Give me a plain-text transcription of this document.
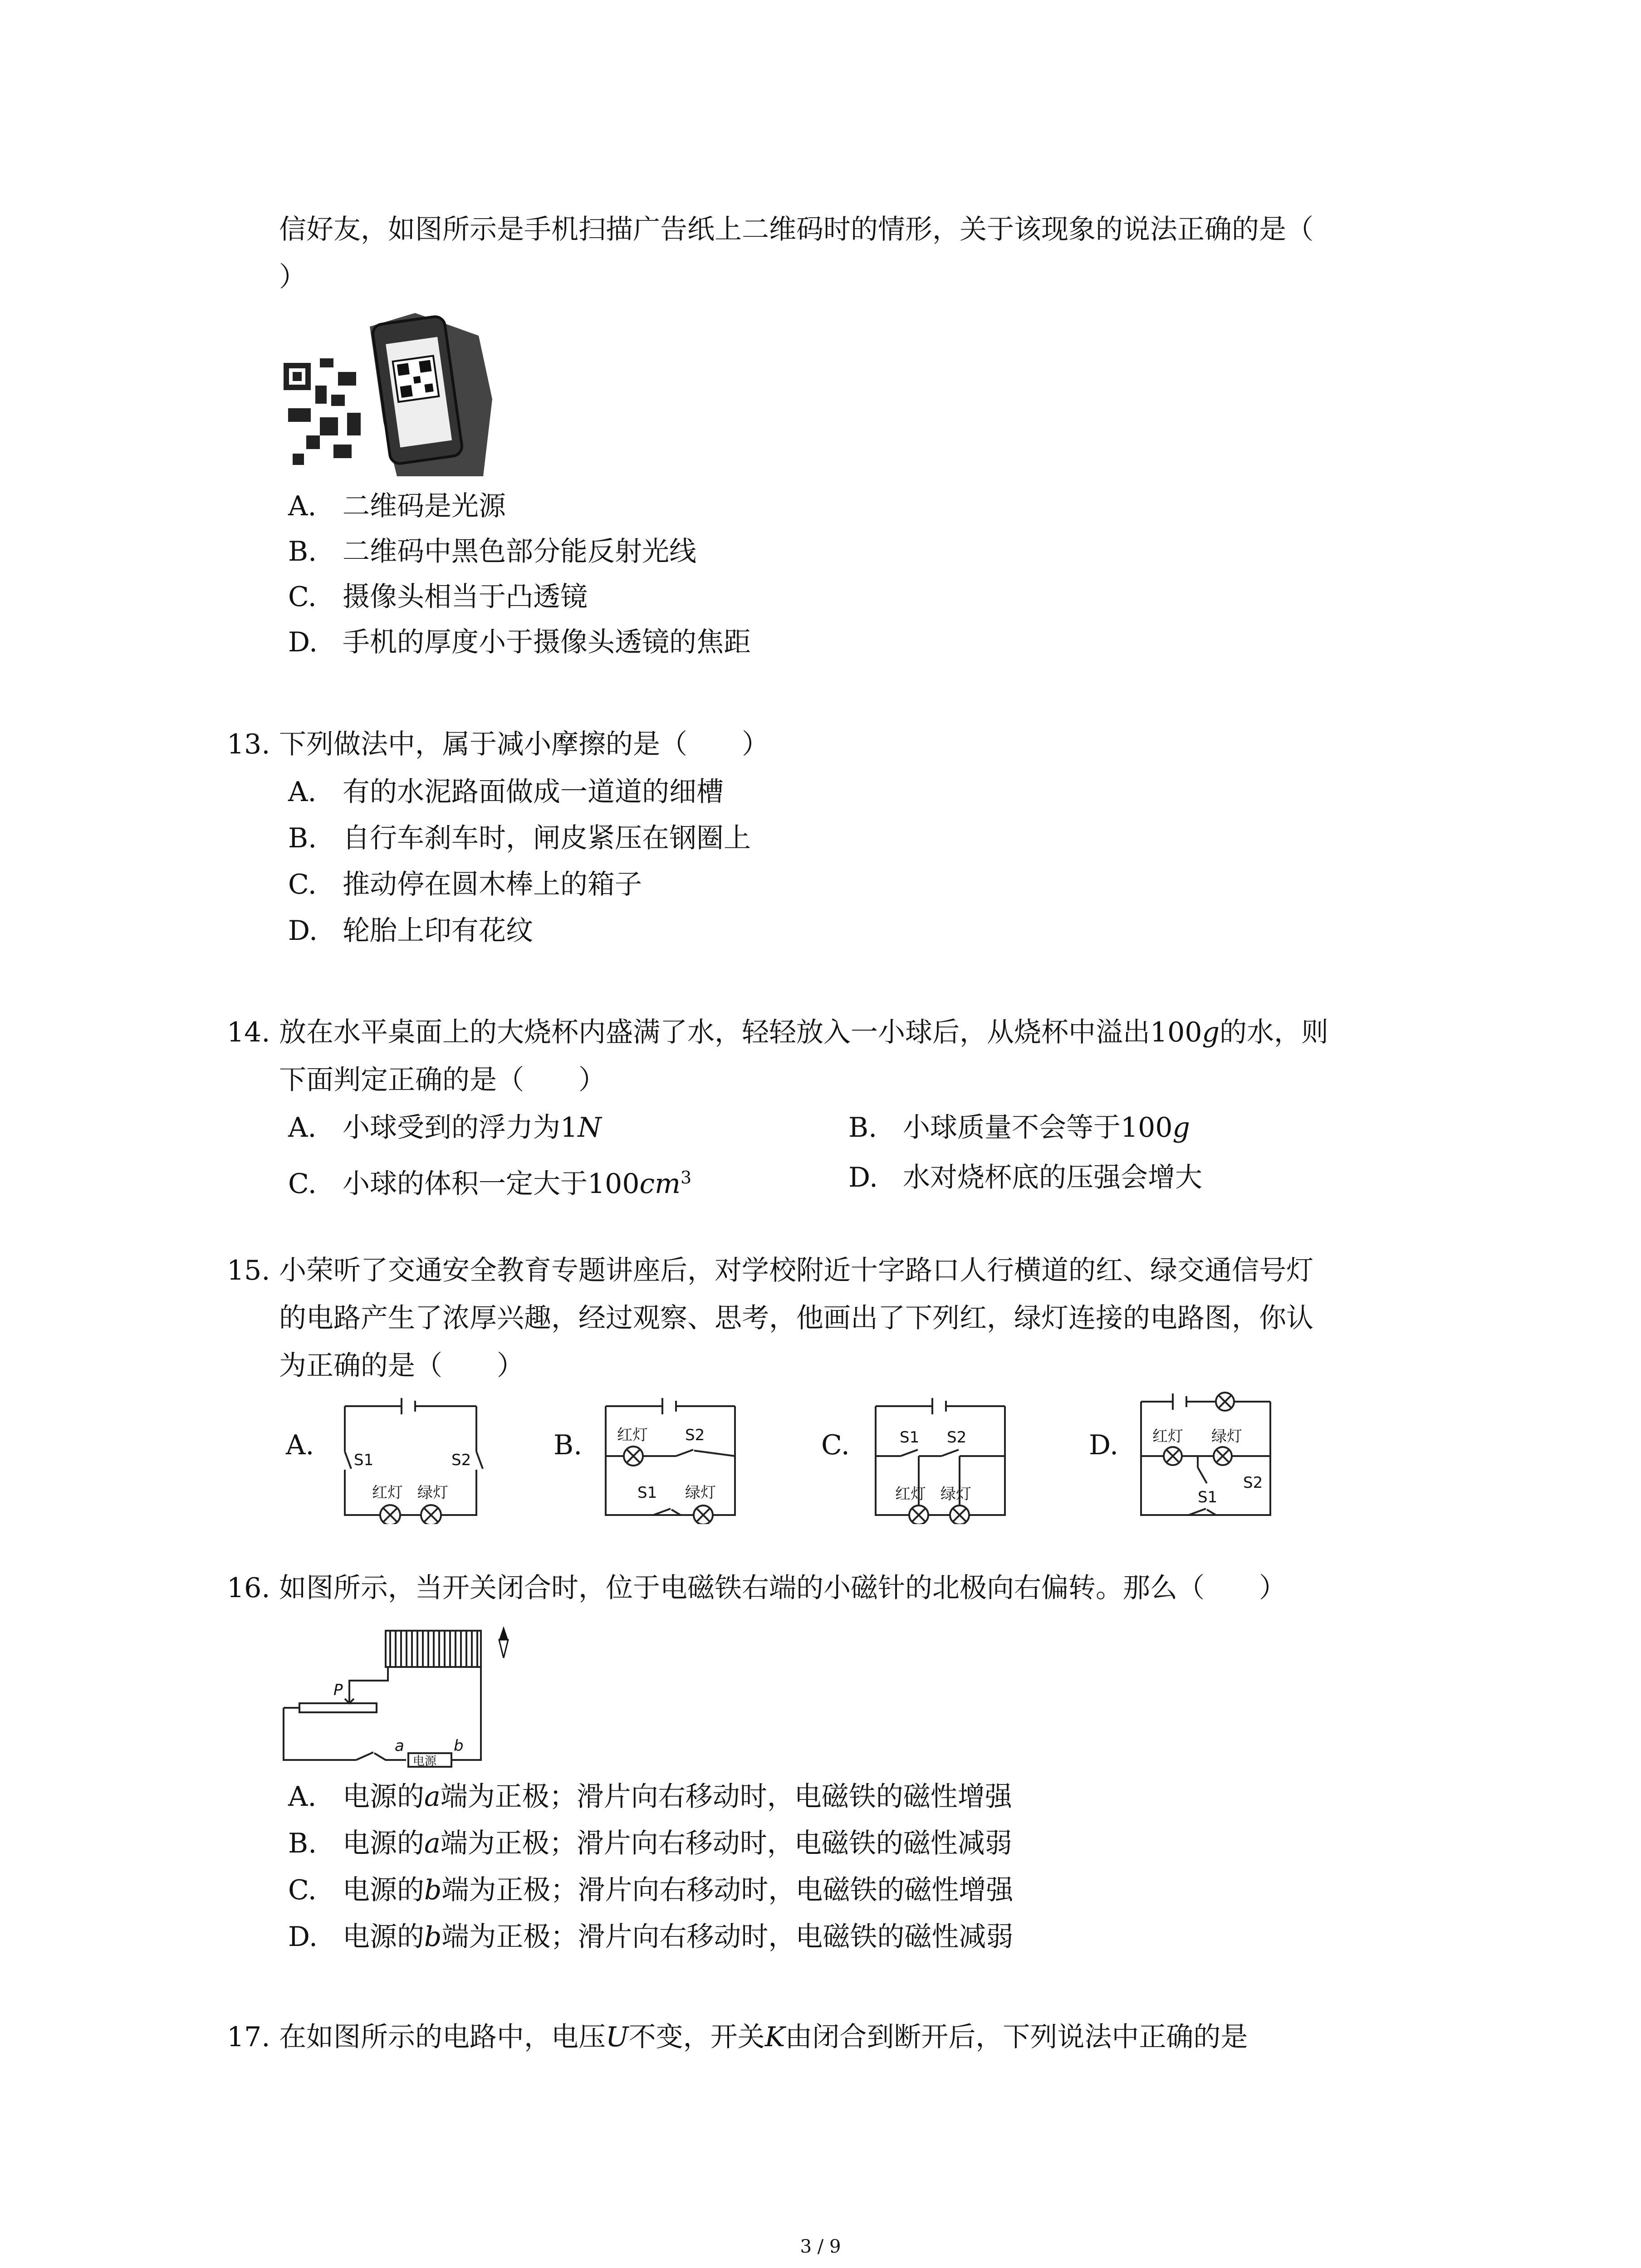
信好友，如图所示是手机扫描广告纸上二维码时的情形，关于该现象的说法正确的是（
）
A. 二维码是光源
B. 二维码中黑色部分能反射光线
C. 摄像头相当于凸透镜
D. 手机的厚度小于摄像头透镜的焦距
13. 下列做法中，属于减小摩擦的是（　　）
A. 有的水泥路面做成一道道的细槽
B. 自行车刹车时，闸皮紧压在钢圈上
C. 推动停在圆木棒上的箱子
D. 轮胎上印有花纹
14. 放在水平桌面上的大烧杯内盛满了水，轻轻放入一小球后，从烧杯中溢出100g的水，则
下面判定正确的是（　　）
A. 小球受到的浮力为1N	B. 小球质量不会等于100g
C. 小球的体积一定大于$100cm^3$	D. 水对烧杯底的压强会增大
15. 小荣听了交通安全教育专题讲座后，对学校附近十字路口人行横道的红、绿交通信号灯
的电路产生了浓厚兴趣，经过观察、思考，他画出了下列红，绿灯连接的电路图，你认
为正确的是（　　）
A.	B.	C.	D.
S1	S2
红灯 绿灯
红灯 S2
S1 绿灯
S1 S2
红灯 绿灯
红灯 绿灯
S2
S1
16. 如图所示，当开关闭合时，位于电磁铁右端的小磁针的北极向右偏转。那么（　　）
P
a	b
电源
A. 电源的a端为正极；滑片向右移动时，电磁铁的磁性增强
B. 电源的a端为正极；滑片向右移动时，电磁铁的磁性减弱
C. 电源的b端为正极；滑片向右移动时，电磁铁的磁性增强
D. 电源的b端为正极；滑片向右移动时，电磁铁的磁性减弱
17. 在如图所示的电路中，电压U不变，开关K由闭合到断开后，下列说法中正确的是
3 / 9
